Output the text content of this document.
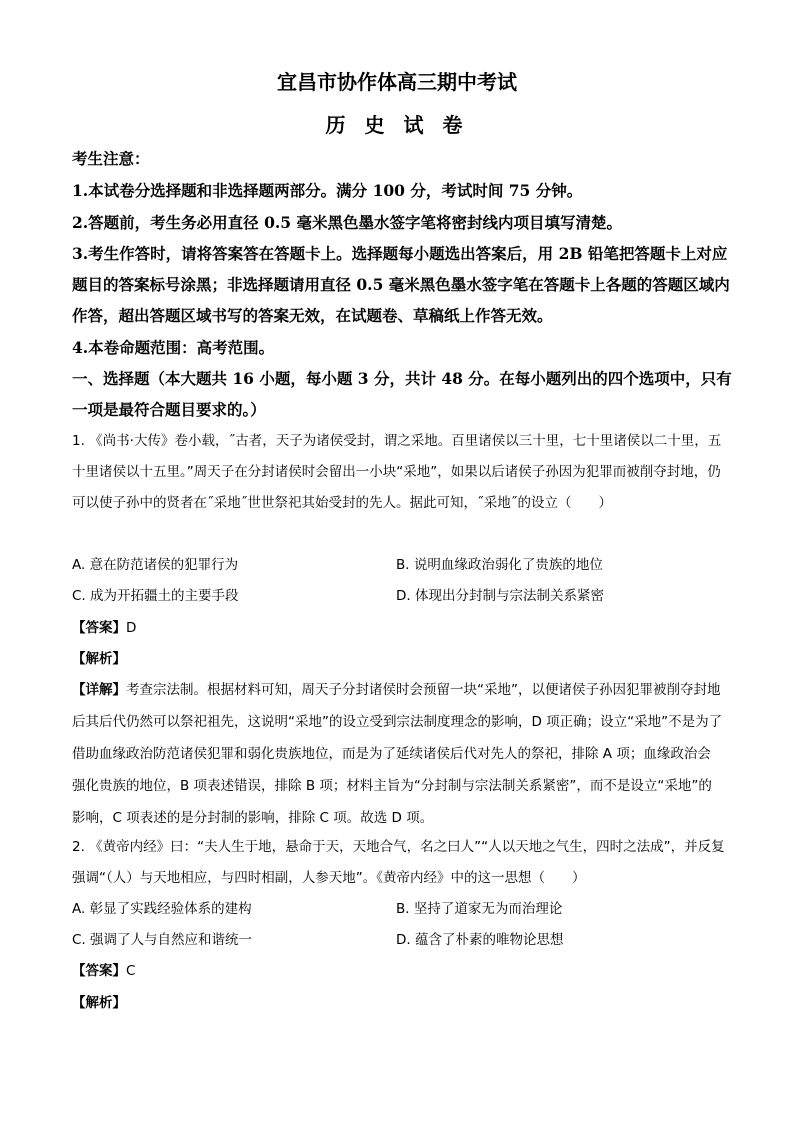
宜昌市协作体高三期中考试
历 史 试 卷
考生注意：
1.本试卷分选择题和非选择题两部分。满分 100 分，考试时间 75 分钟。
2.答题前，考生务必用直径 0.5 毫米黑色墨水签字笔将密封线内项目填写清楚。
3.考生作答时，请将答案答在答题卡上。选择题每小题选出答案后，用 2B 铅笔把答题卡上对应题目的答案标号涂黑；非选择题请用直径 0.5 毫米黑色墨水签字笔在答题卡上各题的答题区域内作答，超出答题区域书写的答案无效，在试题卷、草稿纸上作答无效。
4.本卷命题范围：高考范围。
一、选择题（本大题共 16 小题，每小题 3 分，共计 48 分。在每小题列出的四个选项中，只有一项是最符合题目要求的。）
1. 《尚书·大传》卷小载，˝古者，天子为诸侯受封，谓之采地。百里诸侯以三十里，七十里诸侯以二十里，五十里诸侯以十五里。”周天子在分封诸侯时会留出一小块“采地”，如果以后诸侯子孙因为犯罪而被削夺封地，仍可以使子孙中的贤者在˝采地˝世世祭祀其始受封的先人。据此可知，˝采地˝的设立（　　）
A. 意在防范诸侯的犯罪行为	B. 说明血缘政治弱化了贵族的地位
C. 成为开拓疆土的主要手段	D. 体现出分封制与宗法制关系紧密
【答案】D
【解析】
【详解】考查宗法制。根据材料可知，周天子分封诸侯时会预留一块“采地”，以便诸侯子孙因犯罪被削夺封地后其后代仍然可以祭祀祖先，这说明“采地”的设立受到宗法制度理念的影响，D 项正确；设立“采地”不是为了借助血缘政治防范诸侯犯罪和弱化贵族地位，而是为了延续诸侯后代对先人的祭祀，排除 A 项；血缘政治会强化贵族的地位，B 项表述错误，排除 B 项；材料主旨为“分封制与宗法制关系紧密”，而不是设立“采地”的影响，C 项表述的是分封制的影响，排除 C 项。故选 D 项。
2. 《黄帝内经》曰：“夫人生于地，悬命于天，天地合气，名之曰人”“人以天地之气生，四时之法成”，并反复强调“（人）与天地相应，与四时相副，人参天地”。《黄帝内经》中的这一思想（　　）
A. 彰显了实践经验体系的建构	B. 坚持了道家无为而治理论
C. 强调了人与自然应和谐统一	D. 蕴含了朴素的唯物论思想
【答案】C
【解析】
